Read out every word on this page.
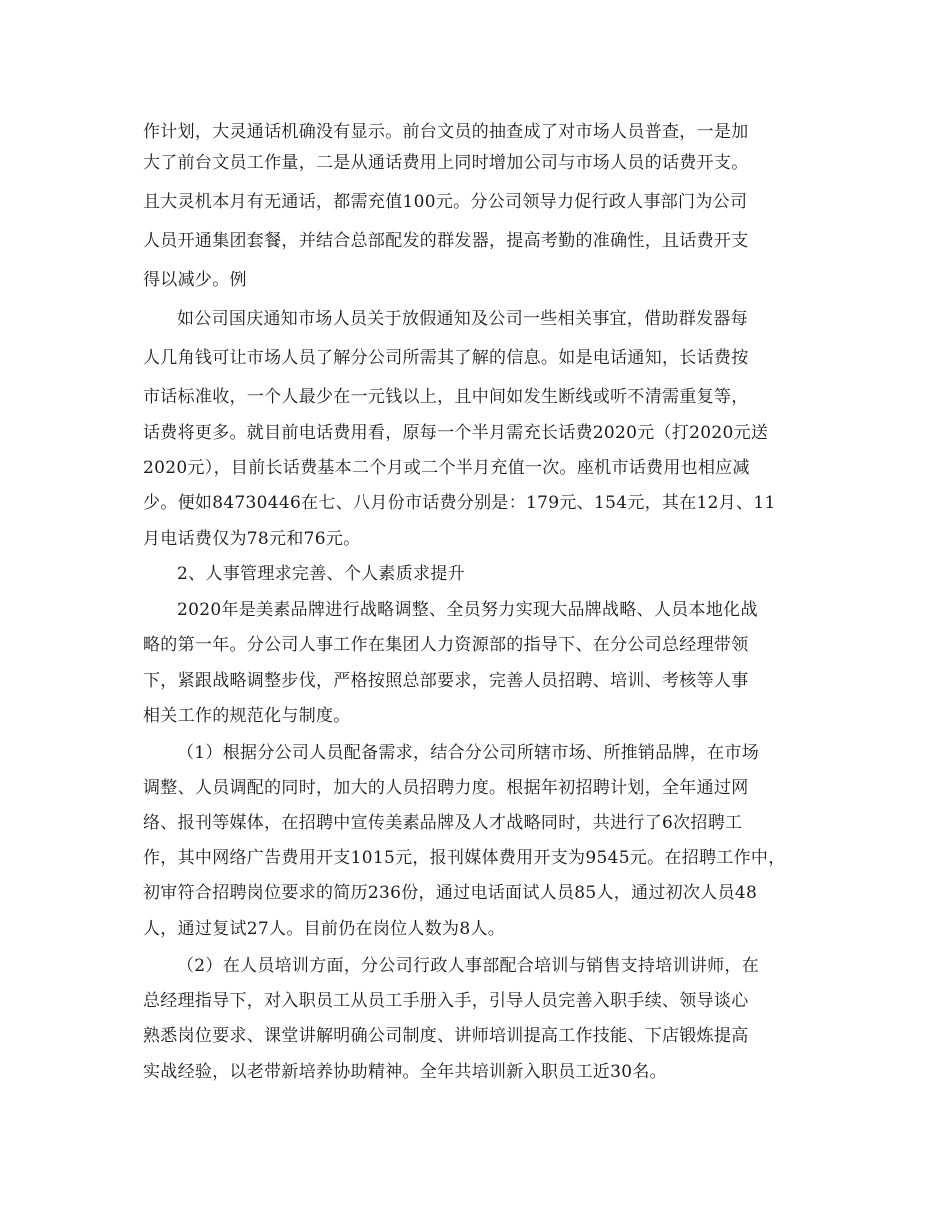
作计划，大灵通话机确没有显示。前台文员的抽查成了对市场人员普查，一是加
大了前台文员工作量，二是从通话费用上同时增加公司与市场人员的话费开支。
且大灵机本月有无通话，都需充值100元。分公司领导力促行政人事部门为公司
人员开通集团套餐，并结合总部配发的群发器，提高考勤的准确性，且话费开支
得以减少。例
如公司国庆通知市场人员关于放假通知及公司一些相关事宜，借助群发器每
人几角钱可让市场人员了解分公司所需其了解的信息。如是电话通知，长话费按
市话标准收，一个人最少在一元钱以上，且中间如发生断线或听不清需重复等，
话费将更多。就目前电话费用看，原每一个半月需充长话费2020元（打2020元送
2020元），目前长话费基本二个月或二个半月充值一次。座机市话费用也相应减
少。便如84730446在七、八月份市话费分别是：179元、154元，其在12月、11
月电话费仅为78元和76元。
2、人事管理求完善、个人素质求提升
2020年是美素品牌进行战略调整、全员努力实现大品牌战略、人员本地化战
略的第一年。分公司人事工作在集团人力资源部的指导下、在分公司总经理带领
下，紧跟战略调整步伐，严格按照总部要求，完善人员招聘、培训、考核等人事
相关工作的规范化与制度。
（1）根据分公司人员配备需求，结合分公司所辖市场、所推销品牌，在市场
调整、人员调配的同时，加大的人员招聘力度。根据年初招聘计划，全年通过网
络、报刊等媒体，在招聘中宣传美素品牌及人才战略同时，共进行了6次招聘工
作，其中网络广告费用开支1015元，报刊媒体费用开支为9545元。在招聘工作中，
初审符合招聘岗位要求的简历236份，通过电话面试人员85人，通过初次人员48
人，通过复试27人。目前仍在岗位人数为8人。
（2）在人员培训方面，分公司行政人事部配合培训与销售支持培训讲师，在
总经理指导下，对入职员工从员工手册入手，引导人员完善入职手续、领导谈心
熟悉岗位要求、课堂讲解明确公司制度、讲师培训提高工作技能、下店锻炼提高
实战经验，以老带新培养协助精神。全年共培训新入职员工近30名。
